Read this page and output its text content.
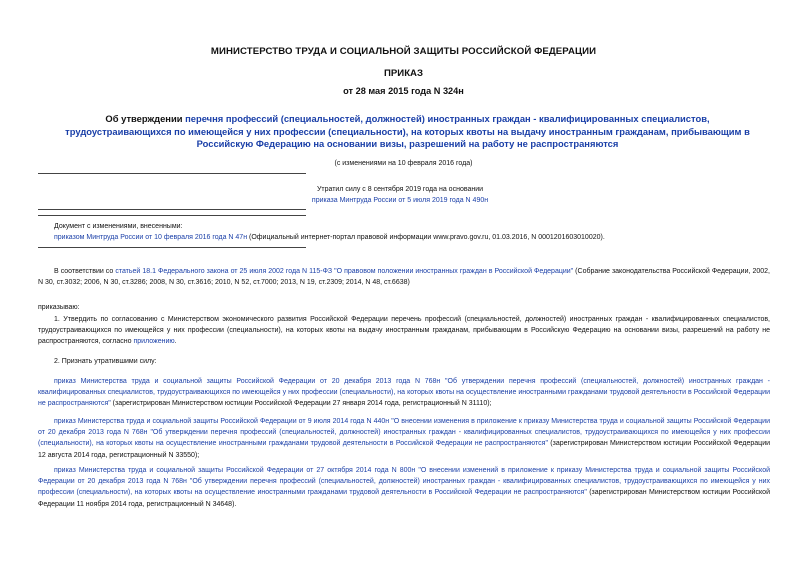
МИНИСТЕРСТВО ТРУДА И СОЦИАЛЬНОЙ ЗАЩИТЫ РОССИЙСКОЙ ФЕДЕРАЦИИ
ПРИКАЗ
от 28 мая 2015 года N 324н
Об утверждении перечня профессий (специальностей, должностей) иностранных граждан - квалифицированных специалистов, трудоустраивающихся по имеющейся у них профессии (специальности), на которых квоты на выдачу иностранным гражданам, прибывающим в Российскую Федерацию на основании визы, разрешений на работу не распространяются
(с изменениями на 10 февраля 2016 года)
Утратил силу с 8 сентября 2019 года на основании
приказа Минтруда России от 5 июля 2019 года N 490н
Документ с изменениями, внесенными:
приказом Минтруда России от 10 февраля 2016 года N 47н (Официальный интернет-портал правовой информации www.pravo.gov.ru, 01.03.2016, N 0001201603010020).
В соответствии со статьей 18.1 Федерального закона от 25 июля 2002 года N 115-ФЗ "О правовом положении иностранных граждан в Российской Федерации" (Собрание законодательства Российской Федерации, 2002, N 30, ст.3032; 2006, N 30, ст.3286; 2008, N 30, ст.3616; 2010, N 52, ст.7000; 2013, N 19, ст.2309; 2014, N 48, ст.6638)
приказываю:
1. Утвердить по согласованию с Министерством экономического развития Российской Федерации перечень профессий (специальностей, должностей) иностранных граждан - квалифицированных специалистов, трудоустраивающихся по имеющейся у них профессии (специальности), на которых квоты на выдачу иностранным гражданам, прибывающим в Российскую Федерацию на основании визы, разрешений на работу не распространяются, согласно приложению.
2. Признать утратившими силу:
приказ Министерства труда и социальной защиты Российской Федерации от 20 декабря 2013 года N 768н "Об утверждении перечня профессий (специальностей, должностей) иностранных граждан - квалифицированных специалистов, трудоустраивающихся по имеющейся у них профессии (специальности), на которых квоты на осуществление иностранными гражданами трудовой деятельности в Российской Федерации не распространяются" (зарегистрирован Министерством юстиции Российской Федерации 27 января 2014 года, регистрационный N 31110);
приказ Министерства труда и социальной защиты Российской Федерации от 9 июля 2014 года N 440н "О внесении изменения в приложение к приказу Министерства труда и социальной защиты Российской Федерации от 20 декабря 2013 года N 768н "Об утверждении перечня профессий (специальностей, должностей) иностранных граждан - квалифицированных специалистов, трудоустраивающихся по имеющейся у них профессии (специальности), на которых квоты на осуществление иностранными гражданами трудовой деятельности в Российской Федерации не распространяются" (зарегистрирован Министерством юстиции Российской Федерации 12 августа 2014 года, регистрационный N 33550);
приказ Министерства труда и социальной защиты Российской Федерации от 27 октября 2014 года N 800н "О внесении изменений в приложение к приказу Министерства труда и социальной защиты Российской Федерации от 20 декабря 2013 года N 768н "Об утверждении перечня профессий (специальностей, должностей) иностранных граждан - квалифицированных специалистов, трудоустраивающихся по имеющейся у них профессии (специальности), на которых квоты на осуществление иностранными гражданами трудовой деятельности в Российской Федерации не распространяются" (зарегистрирован Министерством юстиции Российской Федерации 11 ноября 2014 года, регистрационный N 34648).
